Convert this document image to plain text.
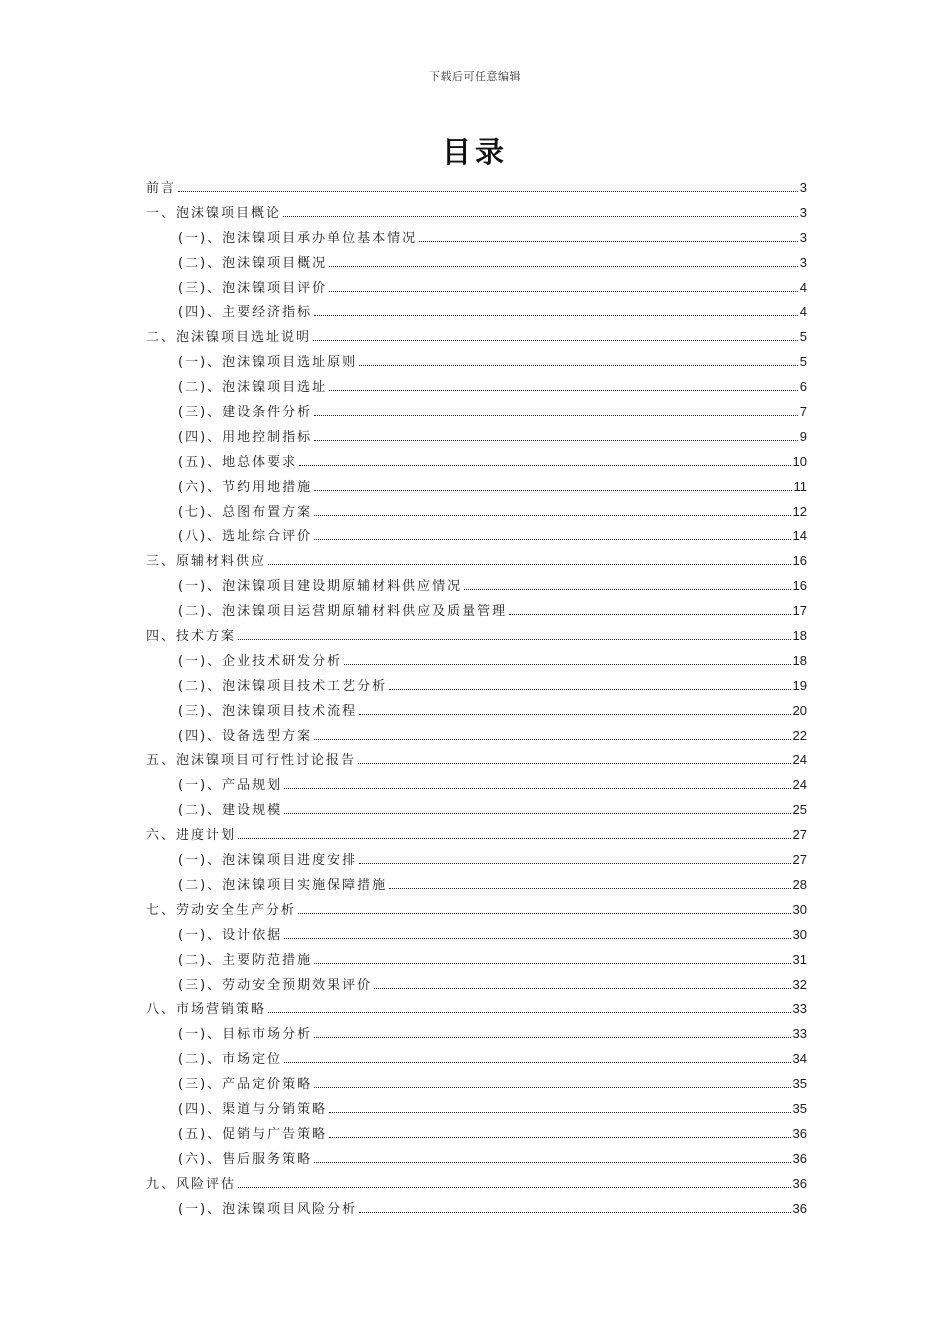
下载后可任意编辑
目录
前言	3
一、泡沫镍项目概论	3
(一)、泡沫镍项目承办单位基本情况	3
(二)、泡沫镍项目概况	3
(三)、泡沫镍项目评价	4
(四)、主要经济指标	4
二、泡沫镍项目选址说明	5
(一)、泡沫镍项目选址原则	5
(二)、泡沫镍项目选址	6
(三)、建设条件分析	7
(四)、用地控制指标	9
(五)、地总体要求	10
(六)、节约用地措施	11
(七)、总图布置方案	12
(八)、选址综合评价	14
三、原辅材料供应	16
(一)、泡沫镍项目建设期原辅材料供应情况	16
(二)、泡沫镍项目运营期原辅材料供应及质量管理	17
四、技术方案	18
(一)、企业技术研发分析	18
(二)、泡沫镍项目技术工艺分析	19
(三)、泡沫镍项目技术流程	20
(四)、设备选型方案	22
五、泡沫镍项目可行性讨论报告	24
(一)、产品规划	24
(二)、建设规模	25
六、进度计划	27
(一)、泡沫镍项目进度安排	27
(二)、泡沫镍项目实施保障措施	28
七、劳动安全生产分析	30
(一)、设计依据	30
(二)、主要防范措施	31
(三)、劳动安全预期效果评价	32
八、市场营销策略	33
(一)、目标市场分析	33
(二)、市场定位	34
(三)、产品定价策略	35
(四)、渠道与分销策略	35
(五)、促销与广告策略	36
(六)、售后服务策略	36
九、风险评估	36
(一)、泡沫镍项目风险分析	36
